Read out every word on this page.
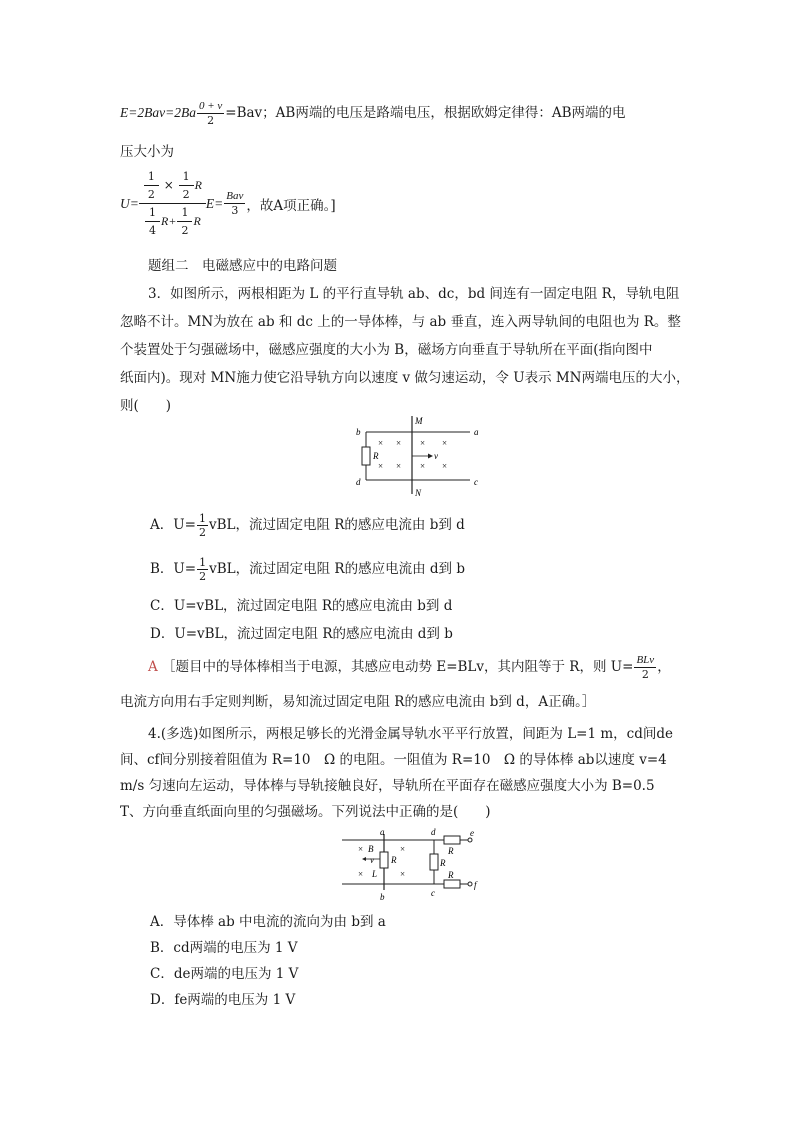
$E=2Bav=2Ba \frac{0 + v}{2} =Bav$；AB两端的电压是路端电压，根据欧姆定律得：AB两端的电
压大小为
$U= \frac{\frac{1}{2} \times \frac{1}{2} R}{\frac{1}{4} R+ \frac{1}{2} R} E= \frac{\text{Bav}}{3}$ ，故A项正确。]
题组二　电磁感应中的电路问题
3．如图所示，两根相距为 L 的平行直导轨 ab、dc，bd 间连有一固定电阻 R，导轨电阻
忽略不计。MN为放在 ab 和 dc 上的一导体棒，与 ab 垂直，连入两导轨间的电阻也为 R。整
个装置处于匀强磁场中，磁感应强度的大小为 B，磁场方向垂直于导轨所在平面(指向图中
纸面内)。现对 MN施力使它沿导轨方向以速度 v 做匀速运动，令 U表示 MN两端电压的大小，
则(　　)
b
d
a
c
M
N
R
× × × ×
× × × ×
v
A．$U= \frac{1}{2}$ vBL，流过固定电阻 R的感应电流由 b到 d
B．$U= \frac{1}{2}$ vBL，流过固定电阻 R的感应电流由 d到 b
C．U=vBL，流过固定电阻 R的感应电流由 b到 d
D．U=vBL，流过固定电阻 R的感应电流由 d到 b
A ［题目中的导体棒相当于电源，其感应电动势 E=BLv，其内阻等于 R，则 $U= \frac{\text{BLv}}{2}$ ，
电流方向用右手定则判断，易知流过固定电阻 R的感应电流由 b到 d，A正确。］
4.(多选)如图所示，两根足够长的光滑金属导轨水平平行放置，间距为 L=1 m，cd间de
间、cf间分别接着阻值为 R=10　Ω 的电阻。一阻值为 R=10　Ω 的导体棒 ab以速度 v=4
m/s 匀速向左运动，导体棒与导轨接触良好，导轨所在平面存在磁感应强度大小为 B=0.5
T、方向垂直纸面向里的匀强磁场。下列说法中正确的是(　　)
a
b
d
c
e
f
R
R
R
R
B
L
v
×	×
×	×
A．导体棒 ab 中电流的流向为由 b到 a
B．cd两端的电压为 1 V
C．de两端的电压为 1 V
D．fe两端的电压为 1 V
